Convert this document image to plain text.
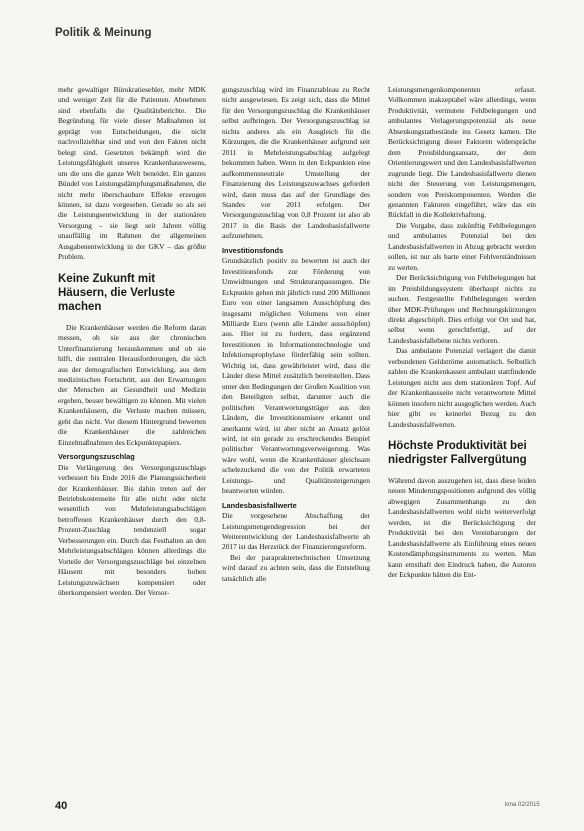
Politik & Meinung

mehr gewaltiger Bürokratiesehler, mehr MDK und weniger Zeit für die Patienten. Abnehmen sind ebenfalls die Qualitätsberichte. Die Begründung für viele dieser Maßnahmen ist geprägt von Entscheidungen, die nicht nachvollziehbar sind und von den Fakten nicht belegt sind. Gesetzten bekämpft wird die Leistungsfähigkeit unseres Krankenhauswesens, um die uns die ganze Welt beneidet. Ein ganzes Bündel von Leistungsdämpfungsmaßnahmen, die nicht mehr überschaubare Effekte erzeugen können, ist dazu vorgesehen. Gerade so als sei die Leistungsentwicklung in der stationären Versorgung – sie liegt seit Jahren völlig unauffällig im Rahmen der allgemeinen Ausgabenentwicklung in der GKV – das größte Problem.

Keine Zukunft mit Häusern, die Verluste machen

Die Krankenhäuser werden die Reform daran messen, ob sie aus der chronischen Unterfinanzierung herauskommen und ob sie hilft, die zentralen Herausforderungen, die sich aus der demografischen Entwicklung, aus dem medizinischen Fortschritt, aus den Erwartungen der Menschen an Gesundheit und Medizin ergeben, besser bewältigen zu können. Mit vielen Krankenhäusern, die Verluste machen müssen, geht das nicht. Vor diesem Hintergrund bewerten die Krankenhäuser die zahlreichen Einzelmaßnahmen des Eckpunktepapiers.

Versorgungszuschlag

Die Verlängerung des Versorgungszuschlags verbessert bis Ende 2016 die Planungssicherheit der Krankenhäuser. Bis dahin treten auf der Betriebskostenseite für alle nicht oder nicht wesentlich von Mehrleistungsabschlägen betroffenen Krankenhäuser durch den 0,8-Prozent-Zuschlag tendenziell sogar Verbesserungen ein. Durch das Festhalten an den Mehrleistungsabschlägen können allerdings die Vorteile der Versorgungszuschläge bei einzelnen Häusern mit besonders hohen Leistungszuwächsen kompensiert oder überkompensiert werden. Der Versor-

gungszuschlag wird im Finanztableau zu Recht nicht ausgewiesen. Es zeigt sich, dass die Mittel für den Versorgungszuschlag die Krankenhäuser selbst aufbringen. Der Versorgungszuschlag ist nichts anderes als ein Ausgleich für die Kürzungen, die die Krankenhäuser aufgrund seit 2011 in Mehrleistungsabschlag aufgelegt bekommen haben. Wenn in den Eckpunkten eine aufkommensneutrale Umstellung der Finanzierung des Leistungszuwachses gefordert wird, dann muss das auf der Grundlage des Standes vor 2011 erfolgen. Der Versorgungszuschlag von 0,8 Prozent ist also ab 2017 in die Basis der Landesbasisfallwerte aufzunehmen.

Investitionsfonds

Grundsätzlich positiv zu bewerten ist auch der Investitionsfonds zur Förderung von Umwidmungen und Strukturanpassungen. Die Eckpunkte gehen mit jährlich rund 200 Millionen Euro von einer langsamen Ausschöpfung des insgesamt möglichen Volumens von einer Milliarde Euro (wenn alle Länder ausschöpfen) aus. Hier ist zu fordern, dass ergänzend Investitionen in Informationstechnologie und Infektionsprophylaxe förderfähig sein sollten. Wichtig ist, dass gewährleistet wird, dass die Länder diese Mittel zusätzlich bereitstellen. Dass unter den Bedingungen der Großen Koalition von den Beteiligten selbst, darunter auch die politischen Verantwortungsträger aus den Ländern, die Investitionsmisere erkannt und anerkannt wird, ist aber nicht an Ansatz gelöst wird, ist ein gerade zu erschreckendes Beispiel politischer Verantwortungsverweigerung. Was wäre wohl, wenn die Krankenhäuser gleichsam schelezuckend die von der Politik erwarteten Leistungs- und Qualitätssteigerungen beantworten würden.

Landesbasisfallwerte

Die vorgesehene Abschaffung der Leistungsmengendegression bei der Weiterentwicklung der Landesbasisfallwerte ab 2017 ist das Herzstück der Finanzierungsreform.

Bei der parapraktertechnischen Umsetzung wird darauf zu achten sein, dass die Entstellung tatsächlich alle

Leistungsmengenkomponenten erfasst. Vollkommen inakzeptabel wäre allerdings, wenn Produktivität, vermutete Fehlbelegungen und ambulantes Verlagerungspotenzial als neue Absenkungstatbestände ins Gesetz kamen. Die Berücksichtigung dieser Faktoren widerspräche dem Preisbildungsansatz, der dem Orientierungswert und den Landesbasisfallwerten zugrunde liegt. Die Landesbasisfallwerte dienen nicht der Steuerung von Leistungsmengen, sondern von Preiskomponenten. Werden die genannten Faktoren eingeführt, wäre das ein Rückfall in die Kollektivhaftung.

Die Vorgabe, dass zukünftig Fehlbelegungen und ambulantes Potenzial bei den Landesbasisfallwerten in Abzug gebracht werden sollen, ist nur als harte einer Fehlverständnissen zu werten.

Der Berücksichtigung von Fehlbelegungen hat im Preisbildungssystem überhaupt nichts zu suchen. Festgestellte Fehlbelegungen werden über MDK-Prüfungen und Rechnungskürzungen direkt abgeschöpft. Dies erfolgt vor Ort und hat, selbst wenn gerechtfertigt, auf der Landesbasisfallebene nichts verloren.

Das ambulante Potenzial verlagert die damit verbundenen Geldströme automatisch. Selbstlich zahlen die Krankenkassen ambulant stattfindende Leistungen nicht aus dem stationären Topf. Auf der Krankenhausseite nicht verantwortete Mittel können insofern nicht ausgeglichen werden. Auch hier gibt es keinerlei Bezug zu den Landesbasisfallwerten.

Höchste Produktivität bei niedrigster Fallvergütung

Während davon auszugehen ist, dass diese leiden neuen Minderungspositionen aufgrund des völlig abwegigen Zusammenhangs zu den Landesbasisfallwerten wohl nicht weiterverfolgt werden, ist die Berücksichtigung der Produktivität bei den Vereinbarungen der Landesbasisfallwerte als Einführung eines neuen Kostendämpfungsinstruments zu werten. Man kann ernsthaft den Eindruck haben, die Autoren der Eckpunkte hätten die Ent-

40	kma 02/2015
